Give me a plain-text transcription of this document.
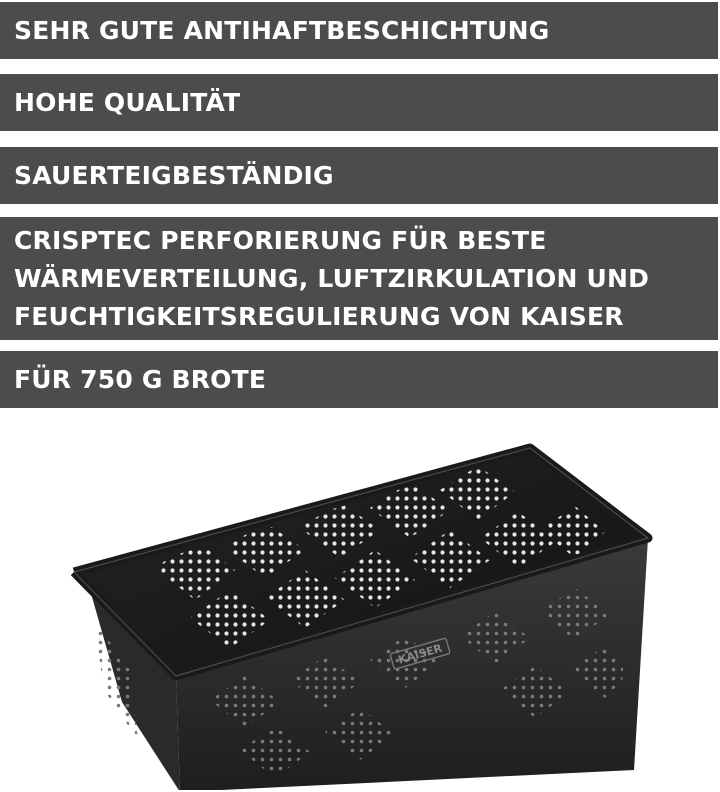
SEHR GUTE ANTIHAFTBESCHICHTUNG
HOHE QUALITÄT
SAUERTEIGBESTÄNDIG
CRISPTEC PERFORIERUNG FÜR BESTE
WÄRMEVERTEILUNG, LUFTZIRKULATION UND
FEUCHTIGKEITSREGULIERUNG VON KAISER
FÜR 750 G BROTE
KAISER
